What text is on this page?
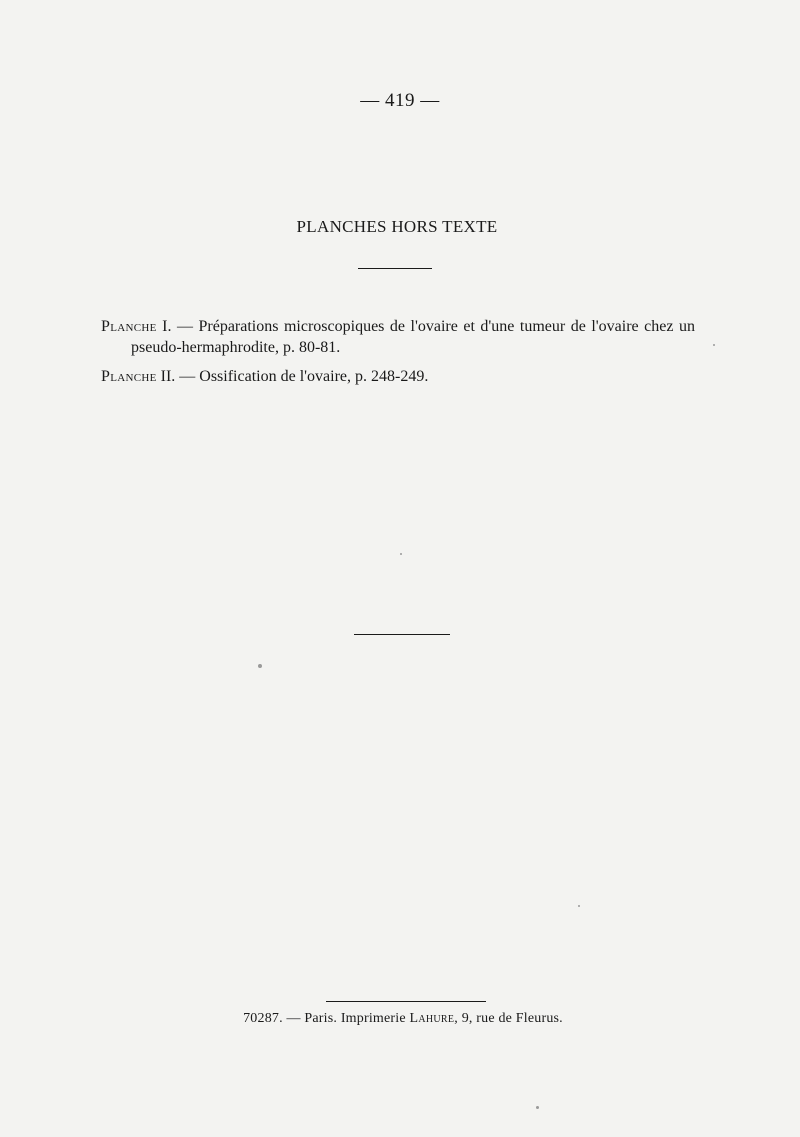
— 419 —
PLANCHES HORS TEXTE

Planche I. — Préparations microscopiques de l'ovaire et d'une tumeur de l'ovaire chez un pseudo-hermaphrodite, p. 80-81.

Planche II. — Ossification de l'ovaire, p. 248-249.

70287. — Paris. Imprimerie Lahure, 9, rue de Fleurus.
